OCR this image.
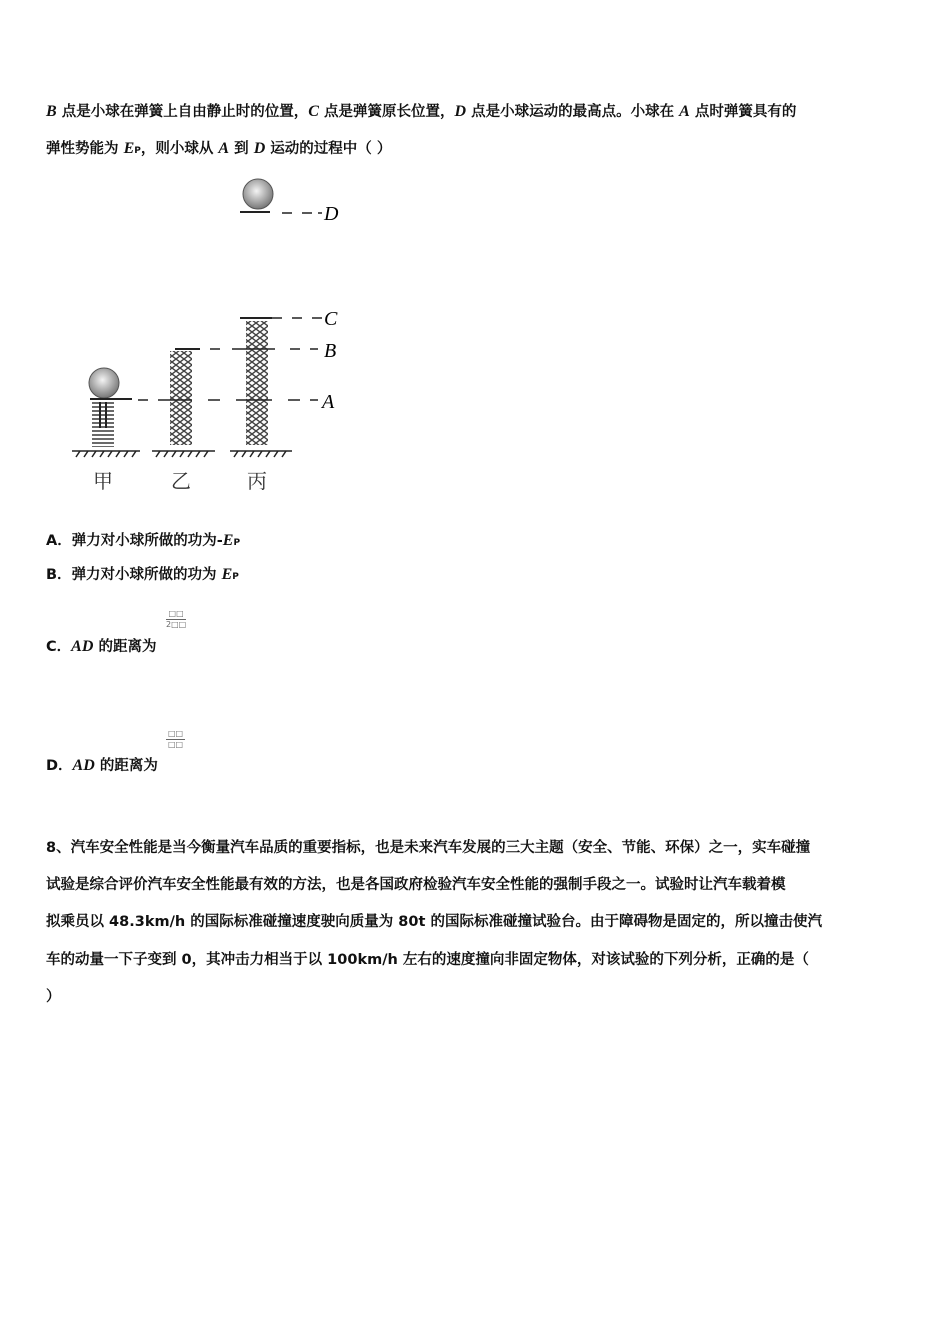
B 点是小球在弹簧上自由静止时的位置，C 点是弹簧原长位置，D 点是小球运动的最高点。小球在 A 点时弹簧具有的
弹性势能为 EP，则小球从 A 到 D 运动的过程中（ ）
D
C
B
A
甲	乙	丙
A．弹力对小球所做的功为-EP
B．弹力对小球所做的功为 EP
□□
2□□
C．AD 的距离为
□□
□□
D．AD 的距离为
8、汽车安全性能是当今衡量汽车品质的重要指标，也是未来汽车发展的三大主题（安全、节能、环保）之一，实车碰撞
试验是综合评价汽车安全性能最有效的方法，也是各国政府检验汽车安全性能的强制手段之一。试验时让汽车载着模
拟乘员以 48.3km/h 的国际标准碰撞速度驶向质量为 80t 的国际标准碰撞试验台。由于障碍物是固定的，所以撞击使汽
车的动量一下子变到 0，其冲击力相当于以 100km/h 左右的速度撞向非固定物体，对该试验的下列分析，正确的是（
）
